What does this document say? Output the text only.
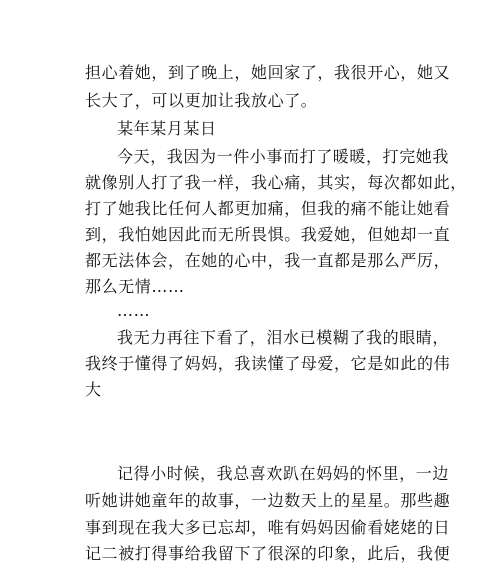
担心着她，到了晚上，她回家了，我很开心，她又
长大了，可以更加让我放心了。
某年某月某日
今天，我因为一件小事而打了暖暖，打完她我
就像别人打了我一样，我心痛，其实，每次都如此，
打了她我比任何人都更加痛，但我的痛不能让她看
到，我怕她因此而无所畏惧。我爱她，但她却一直
都无法体会，在她的心中，我一直都是那么严厉，
那么无情……
……
我无力再往下看了，泪水已模糊了我的眼睛，
我终于懂得了妈妈，我读懂了母爱，它是如此的伟
大
记得小时候，我总喜欢趴在妈妈的怀里，一边
听她讲她童年的故事，一边数天上的星星。那些趣
事到现在我大多已忘却，唯有妈妈因偷看姥姥的日
记二被打得事给我留下了很深的印象，此后，我便
